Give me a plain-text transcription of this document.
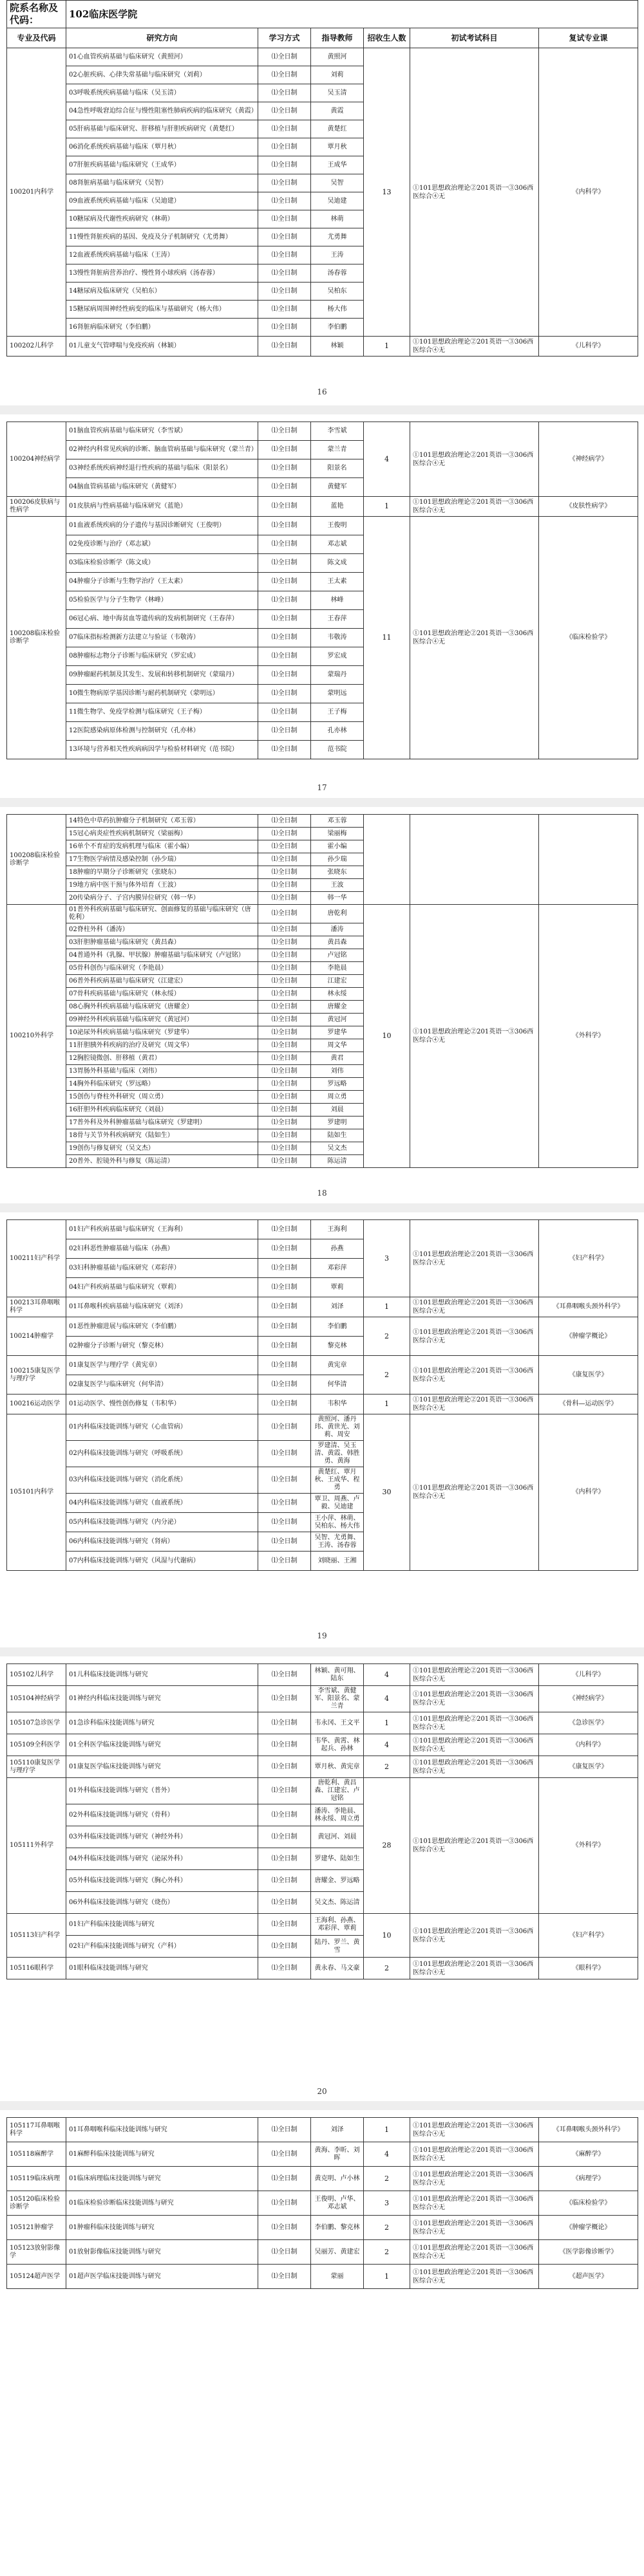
院系名称及代码：	102临床医学院					
专业及代码	研究方向	学习方式	指导教师	招收生人数	初试考试科目	复试专业课
100201内科学	01心血管疾病基础与临床研究（黄照河）	⑴全日制	黄照河	13	①101思想政治理论②201英语一③306西医综合④无	《内科学》
	02心脏疾病、心律失常基础与临床研究（刘莉）	⑴全日制	刘莉			
	03呼吸系统疾病基础与临床（吴玉清）	⑴全日制	吴玉清			
	04急性呼吸窘迫综合征与慢性阻塞性肺病疾病的临床研究（黄霞）	⑴全日制	黄霞			
	05肝病基础与临床研究、肝移植与肝胆疾病研究（黄楚红）	⑴全日制	黄楚红			
	06消化系统疾病基础与临床（覃月秋）	⑴全日制	覃月秋			
	07肝脏疾病基础与临床研究（王成华）	⑴全日制	王成华			
	08肾脏病基础与临床研究（吴智）	⑴全日制	吴智			
	09血液系统疾病基础与临床（吴迪建）	⑴全日制	吴迪建			
	10糖尿病及代谢性疾病研究（林萌）	⑴全日制	林萌			
	11慢性肾脏疾病的基因、免疫及分子机制研究（尤勇舞）	⑴全日制	尤勇舞			
	12血液系统疾病基础与临床（王涛）	⑴全日制	王涛			
	13慢性肾脏病营养治疗、慢性肾小球疾病（汤春蓉）	⑴全日制	汤春蓉			
	14糖尿病及临床研究（吴柏东）	⑴全日制	吴柏东			
	15糖尿病周围神经性病变的临床与基础研究（杨大伟）	⑴全日制	杨大伟			
	16肾脏病临床研究（李伯鹏）	⑴全日制	李伯鹏			
100202儿科学	01儿童支气管哮喘与免疫疾病（林颖）	⑴全日制	林颖	1	①101思想政治理论②201英语一③306西医综合④无	《儿科学》
16
100204神经病学	01脑血管疾病基础与临床研究（李雪斌）	⑴全日制	李雪斌	4	①101思想政治理论②201英语一③306西医综合④无	《神经病学》
	02神经内科常见疾病的诊断、脑血管病基础与临床研究（蒙兰青）	⑴全日制	蒙兰青			
	03神经系统疾病神经退行性疾病的基础与临床（阳景名）	⑴全日制	阳景名			
	04脑血管病基础与临床研究（黄健军）	⑴全日制	黄健军			
100206皮肤病与性病学	01皮肤病与性病基础与临床研究（蓝艳）	⑴全日制	蓝艳	1	①101思想政治理论②201英语一③306西医综合④无	《皮肤性病学》
100208临床检验诊断学	01血液系统疾病的分子遗传与基因诊断研究（王俊明）	⑴全日制	王俊明	11	①101思想政治理论②201英语一③306西医综合④无	《临床检验学》
	02免疫诊断与治疗（邓志斌）	⑴全日制	邓志斌			
	03临床检验诊断学（陈文成）	⑴全日制	陈文成			
	04肿瘤分子诊断与生物学治疗（王太素）	⑴全日制	王太素			
	05检验医学与分子生物学（林峰）	⑴全日制	林峰			
	06冠心病、地中海贫血等遗传病的发病机制研究（王春萍）	⑴全日制	王春萍			
	07临床指标检测新方法建立与验证（韦敬涛）	⑴全日制	韦敬涛			
	08肿瘤标志物分子诊断与临床研究（罗宏成）	⑴全日制	罗宏成			
	09肿瘤耐药机制及其发生、发展和转移机制研究（蒙瑞丹）	⑴全日制	蒙瑞丹			
	10微生物病原学基因诊断与耐药机制研究（蒙明远）	⑴全日制	蒙明远			
	11微生物学、免疫学检测与临床研究（王子梅）	⑴全日制	王子梅			
	12医院感染病原体检测与控制研究（孔亦林）	⑴全日制	孔亦林			
	13环境与营养相关性疾病病因学与检验材料研究（范书院）	⑴全日制	范书院			
17
100208临床检验诊断学	14特色中草药抗肿瘤分子机制研究（邓玉蓉）	⑴全日制	邓玉蓉			
	15冠心病炎症性疾病机制研究（梁丽梅）	⑴全日制	梁丽梅			
	16单个不育症的发病机理与临床（霍小编）	⑴全日制	霍小编			
	17生物医学病情及感染控制（孙少瑞）	⑴全日制	孙少瑞			
	18肿瘤的早期分子诊断研究（张晓东）	⑴全日制	张晓东			
	19地方病中医干预与体外培育（王波）	⑴全日制	王波			
	20传染病分子、子宫内膜异位研究（韩一华）	⑴全日制	韩一华			
100210外科学	01普外科疾病基础与临床研究、创面修复的基础与临床研究（唐乾利）	⑴全日制	唐乾利	10	①101思想政治理论②201英语一③306西医综合④无	《外科学》
	02脊柱外科（潘涛）	⑴全日制	潘涛			
	03肝胆肿瘤基础与临床研究（黄昌森）	⑴全日制	黄昌森			
	04普通外科（乳腺、甲状腺）肿瘤基础与临床研究（卢冠铭）	⑴全日制	卢冠铭			
	05骨科创伤与临床研究（李艳晨）	⑴全日制	李艳晨			
	06普外科疾病基础与临床研究（江建宏）	⑴全日制	江建宏			
	07骨科疾病基础与临床研究（林永绥）	⑴全日制	林永绥			
	08心胸外科疾病基础与临床研究（唐耀金）	⑴全日制	唐耀金			
	09神经外科疾病基础与临床研究（黄冠河）	⑴全日制	黄冠河			
	10泌尿外科疾病基础与临床研究（罗建华）	⑴全日制	罗建华			
	11肝胆胰外科疾病的治疗及研究（周文华）	⑴全日制	周文华			
	12胸腔镜微创、肝移植（黄君）	⑴全日制	黄君			
	13胃肠外科基础与临床（刘伟）	⑴全日制	刘伟			
	14胸外科临床研究（罗远略）	⑴全日制	罗远略			
	15创伤与脊柱外科研究（周立勇）	⑴全日制	周立勇			
	16肝胆外科疾病临床研究（刘晨）	⑴全日制	刘晨			
	17普外科及外科肿瘤基础与临床研究（罗建明）	⑴全日制	罗建明			
	18骨与关节外科疾病研究（陆如生）	⑴全日制	陆如生			
	19创伤与修复研究（吴文杰）	⑴全日制	吴文杰			
	20普外、腔镜外科与修复（陈运清）	⑴全日制	陈运清			
18
100211妇产科学	01妇产科疾病基础与临床研究（王海利）	⑴全日制	王海利	3	①101思想政治理论②201英语一③306西医综合④无	《妇产科学》
	02妇科恶性肿瘤基础与临床（孙燕）	⑴全日制	孙燕			
	03妇科肿瘤基础与临床研究（邓彩萍）	⑴全日制	邓彩萍			
	04妇产科疾病基础与临床研究（覃莉）	⑴全日制	覃莉			
100213耳鼻咽喉科学	01耳鼻喉科疾病基础与临床研究（刘泽）	⑴全日制	刘泽	1	①101思想政治理论②201英语一③306西医综合④无	《耳鼻咽喉头颈外科学》
100214肿瘤学	01恶性肿瘤进展与临床研究（李伯鹏）	⑴全日制	李伯鹏	2	①101思想政治理论②201英语一③306西医综合④无	《肿瘤学概论》
	02肿瘤分子诊断与研究（黎克林）	⑴全日制	黎克林			
100215康复医学与理疗学	01康复医学与理疗学（黄宪章）	⑴全日制	黄宪章	2	①101思想政治理论②201英语一③306西医综合④无	《康复医学》
	02康复医学与临床研究（何华清）	⑴全日制	何华清			
100216运动医学	01运动医学、慢性创伤修复（韦积华）	⑴全日制	韦积华	1	①101思想政治理论②201英语一③306西医综合④无	《骨科—运动医学》
105101内科学	01内科临床技能训练与研究（心血管病）	⑴全日制	黄照河、潘丹玮、黄世光、刘莉、周安	30	①101思想政治理论②201英语一③306西医综合④无	《内科学》
	02内科临床技能训练与研究（呼吸系统）	⑴全日制	罗建清、吴玉清、黄霞、韩胜勇、黄海			
	03内科临床技能训练与研究（消化系统）	⑴全日制	黄楚红、覃月秋、王成华、程勇			
	04内科临床技能训练与研究（血液系统）	⑴全日制	覃卫、周燕、卢毅、吴迪建			
	05内科临床技能训练与研究（内分泌）	⑴全日制	王小萍、林萌、吴柏东、杨大伟			
	06内科临床技能训练与研究（肾病）	⑴全日制	吴智、尤勇舞、王涛、汤春蓉			
	07内科临床技能训练与研究（风湿与代谢病）	⑴全日制	刘晓丽、王湘			
19
105102儿科学	01儿科临床技能训练与研究	⑴全日制	林颖、黄可翔、陆东	4	①101思想政治理论②201英语一③306西医综合④无	《儿科学》
105104神经病学	01神经内科临床技能训练与研究	⑴全日制	李雪斌、黄健军、阳景名、蒙兰青	4	①101思想政治理论②201英语一③306西医综合④无	《神经病学》
105107急诊医学	01急诊科临床技能训练与研究	⑴全日制	韦永冈、王文平	1	①101思想政治理论②201英语一③306西医综合④无	《急诊医学》
105109全科医学	01全科医学临床技能训练与研究	⑴全日制	韦华、黄霄、林起兵、孙林	4	①101思想政治理论②201英语一③306西医综合④无	《内科学》
105110康复医学与理疗学	01康复医学临床技能训练与研究	⑴全日制	覃月秋、黄宪章	2	①101思想政治理论②201英语一③306西医综合④无	《康复医学》
105111外科学	01外科临床技能训练与研究（普外）	⑴全日制	唐乾利、黄昌森、江建宏、卢冠铭	28	①101思想政治理论②201英语一③306西医综合④无	《外科学》
	02外科临床技能训练与研究（骨科）	⑴全日制	潘涛、李艳晨、林永绥、周立勇			
	03外科临床技能训练与研究（神经外科）	⑴全日制	黄冠河、刘晨			
	04外科临床技能训练与研究（泌尿外科）	⑴全日制	罗建华、陆如生			
	05外科临床技能训练与研究（胸心外科）	⑴全日制	唐耀金、罗远略			
	06外科临床技能训练与研究（烧伤）	⑴全日制	吴文杰、陈运清			
105113妇产科学	01妇产科临床技能训练与研究	⑴全日制	王海利、孙燕、邓彩萍、覃莉	10	①101思想政治理论②201英语一③306西医综合④无	《妇产科学》
	02妇产科临床技能训练与研究（产科）	⑴全日制	陆丹、罗兰、黄雪			
105116眼科学	01眼科临床技能训练与研究	⑴全日制	黄永春、马文豪	2	①101思想政治理论②201英语一③306西医综合④无	《眼科学》
20
105117耳鼻咽喉科学	01耳鼻咽喉科临床技能训练与研究	⑴全日制	刘泽	1	①101思想政治理论②201英语一③306西医综合④无	《耳鼻咽喉头颈外科学》
105118麻醉学	01麻醉科临床技能训练与研究	⑴全日制	黄海、李昕、刘晖	4	①101思想政治理论②201英语一③306西医综合④无	《麻醉学》
105119临床病理	01临床病理临床技能训练与研究	⑴全日制	黄克明、卢小林	2	①101思想政治理论②201英语一③306西医综合④无	《病理学》
105120临床检验诊断学	01临床检验诊断临床技能训练与研究	⑴全日制	王俊明、卢华、邓志斌	3	①101思想政治理论②201英语一③306西医综合④无	《临床检验学》
105121肿瘤学	01肿瘤科临床技能训练与研究	⑴全日制	李伯鹏、黎克林	2	①101思想政治理论②201英语一③306西医综合④无	《肿瘤学概论》
105123放射影像学	01放射影像临床技能训练与研究	⑴全日制	吴丽芳、黄建宏	2	①101思想政治理论②201英语一③306西医综合④无	《医学影像诊断学》
105124超声医学	01超声医学临床技能训练与研究	⑴全日制	蒙丽	1	①101思想政治理论②201英语一③306西医综合④无	《超声医学》
